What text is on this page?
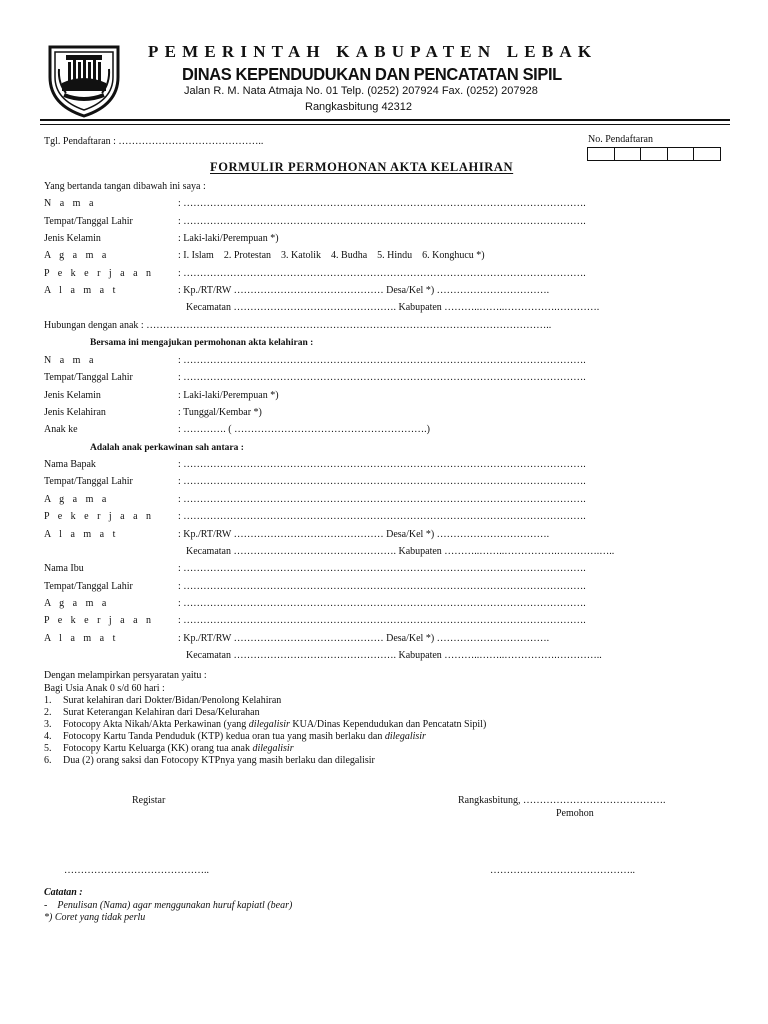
PEMERINTAH KABUPATEN LEBAK
DINAS KEPENDUDUKAN DAN PENCATATAN SIPIL
Jalan R. M. Nata Atmaja No. 01 Telp. (0252) 207924 Fax. (0252) 207928
Rangkasbitung 42312
Tgl. Pendaftaran : ……………………………………..	No. Pendaftaran
FORMULIR PERMOHONAN AKTA KELAHIRAN
Yang bertanda tangan dibawah ini saya :
N a m a	: ………………………………………………………………………………………………………….
Tempat/Tanggal Lahir	: ………………………………………………………………………………………………………….
Jenis Kelamin	: Laki-laki/Perempuan *)
A g a m a	: I. Islam    2. Protestan    3. Katolik    4. Budha    5. Hindu    6. Konghucu *)
P e k e r j a a n : ………………………………………………………………………………………………………….
A l a m a t	: Kp./RT/RW ……………………………………… Desa/Kel *) …………………………….
Kecamatan …………………………………………. Kabupaten ………..……..…………….………….
Hubungan dengan anak : …………………………………………………………………………………………………………..
Bersama ini mengajukan permohonan akta kelahiran :
N a m a	: ………………………………………………………………………………………………………….
Tempat/Tanggal Lahir	: ………………………………………………………………………………………………………….
Jenis Kelamin	: Laki-laki/Perempuan *)
Jenis Kelahiran	: Tunggal/Kembar *)
Anak ke	: …………. ( ………………………………………………….)
Adalah anak perkawinan sah antara :
Nama Bapak	: ………………………………………………………………………………………………………….
Tempat/Tanggal Lahir	: ………………………………………………………………………………………………………….
A g a m a	: ………………………………………………………………………………………………………….
P e k e r j a a n : ………………………………………………………………………………………………………….
A l a m a t	: Kp./RT/RW ……………………………………… Desa/Kel *) …………………………….
Kecamatan …………………………………………. Kabupaten ………..……..…………….………….…..
Nama Ibu	: ………………………………………………………………………………………………………….
Tempat/Tanggal Lahir	: ………………………………………………………………………………………………………….
A g a m a	: ………………………………………………………………………………………………………….
P e k e r j a a n : ………………………………………………………………………………………………………….
A l a m a t	: Kp./RT/RW ……………………………………… Desa/Kel *) …………………………….
Kecamatan …………………………………………. Kabupaten ………..……..…………….…………..
Dengan melampirkan persyaratan yaitu :
Bagi Usia Anak 0 s/d 60 hari :
1. Surat kelahiran dari Dokter/Bidan/Penolong Kelahiran
2. Surat Keterangan Kelahiran dari Desa/Kelurahan
3. Fotocopy Akta Nikah/Akta Perkawinan (yang dilegalisir KUA/Dinas Kependudukan dan Pencatatn Sipil)
4. Fotocopy Kartu Tanda Penduduk (KTP) kedua oran tua yang masih berlaku dan dilegalisir
5. Fotocopy Kartu Keluarga (KK) orang tua anak dilegalisir
6. Dua (2) orang saksi dan Fotocopy KTPnya yang masih berlaku dan dilegalisir
Registar	Rangkasbitung, …………………………………….
Pemohon
……………………………………..	……………………………………..
Catatan :
-    Penulisan (Nama) agar menggunakan huruf kapiatl (bear)
*) Coret yang tidak perlu
